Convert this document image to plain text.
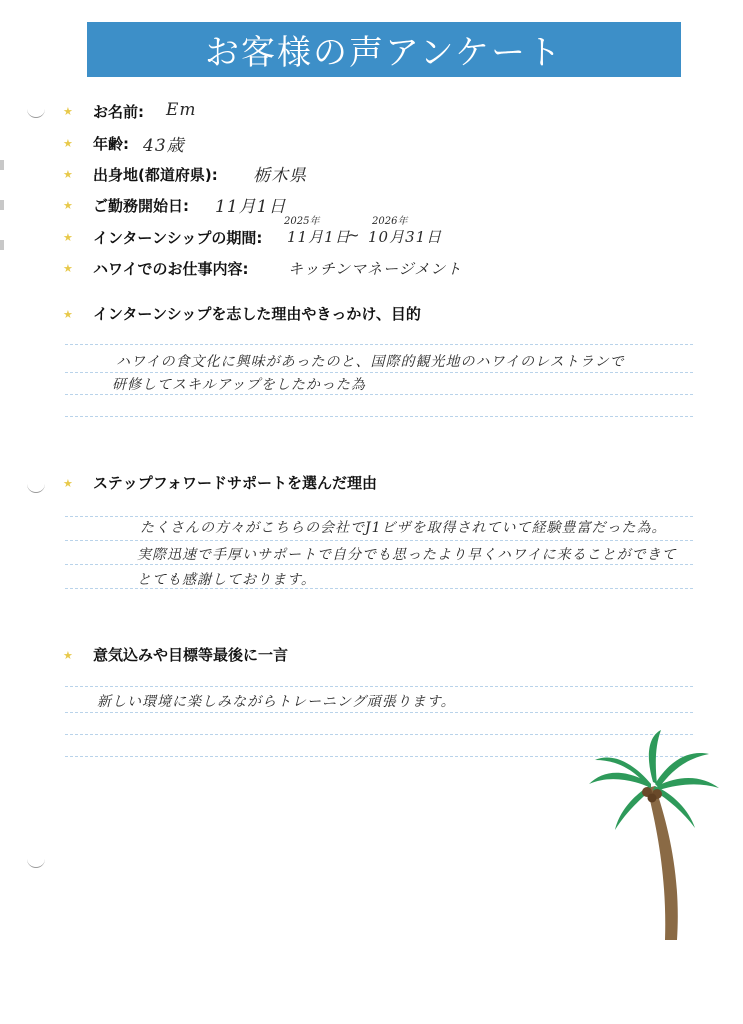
お客様の声アンケート
★ お名前: Em
★ 年齢: 43歳
★ 出身地(都道府県): 栃木県
★ ご勤務開始日: 11月1日
★ インターンシップの期間:
2025年	2026年
11月1日
~ 10月31日
★ ハワイでのお仕事内容:	キッチンマネージメント
★ インターンシップを志した理由やきっかけ、目的
ハワイの食文化に興味があったのと、国際的観光地のハワイのレストランで
研修してスキルアップをしたかった為
★ ステップフォワードサポートを選んだ理由
たくさんの方々がこちらの会社でJ1ビザを取得されていて経験豊富だった為。
実際迅速で手厚いサポートで自分でも思ったより早くハワイに来ることができて
とても感謝しております。
★ 意気込みや目標等最後に一言
新しい環境に楽しみながらトレーニング頑張ります。
